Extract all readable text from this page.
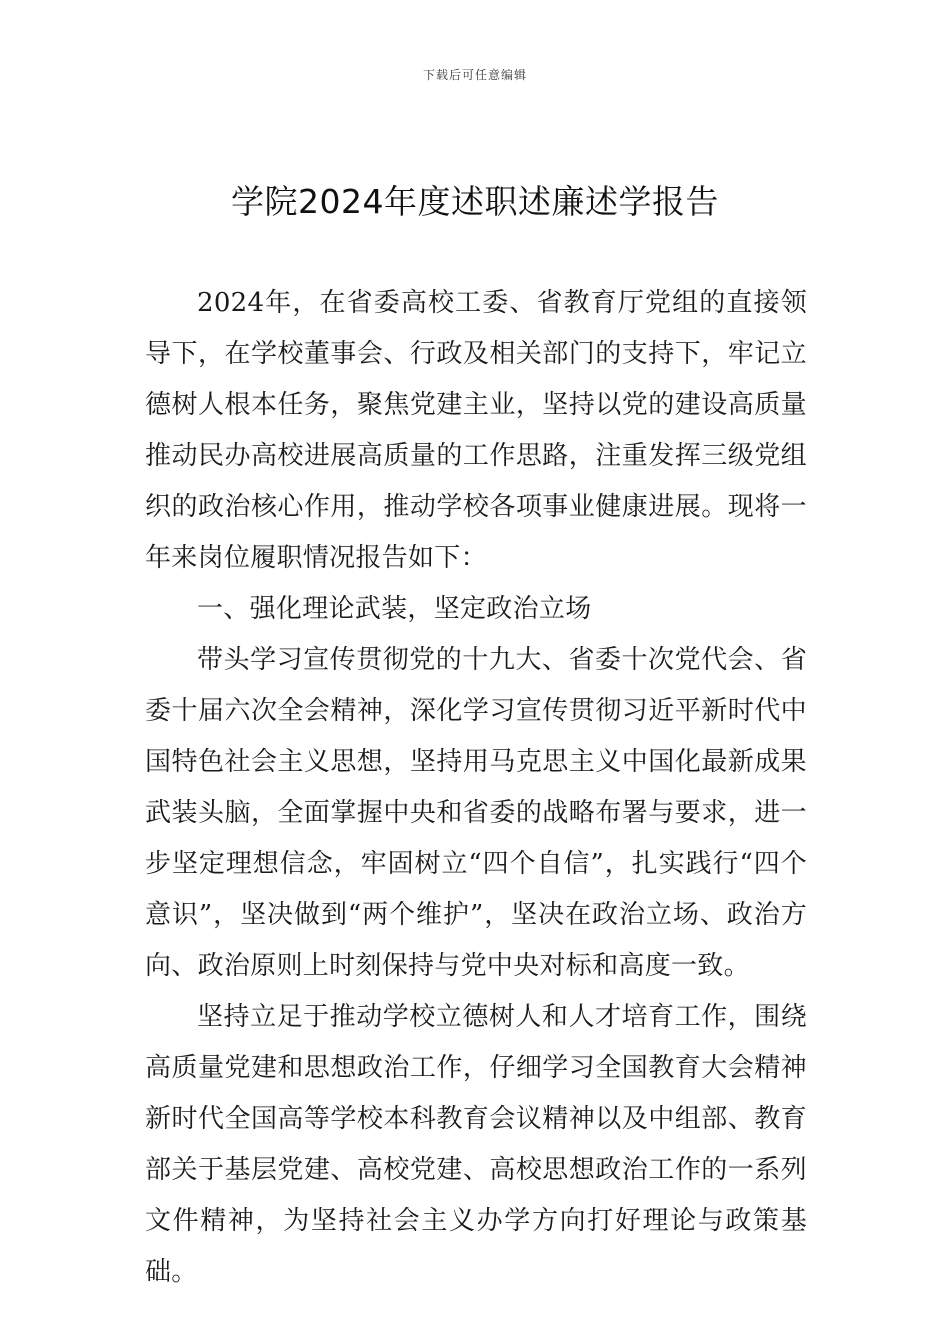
下载后可任意编辑
学院2024年度述职述廉述学报告

2024年，在省委高校工委、省教育厅党组的直接领导下，在学校董事会、行政及相关部门的支持下，牢记立德树人根本任务，聚焦党建主业，坚持以党的建设高质量推动民办高校进展高质量的工作思路，注重发挥三级党组织的政治核心作用，推动学校各项事业健康进展。现将一年来岗位履职情况报告如下：

一、强化理论武装，坚定政治立场

带头学习宣传贯彻党的十九大、省委十次党代会、省委十届六次全会精神，深化学习宣传贯彻习近平新时代中国特色社会主义思想，坚持用马克思主义中国化最新成果武装头脑，全面掌握中央和省委的战略布署与要求，进一步坚定理想信念，牢固树立“四个自信”，扎实践行“四个意识”，坚决做到“两个维护”，坚决在政治立场、政治方向、政治原则上时刻保持与党中央对标和高度一致。

坚持立足于推动学校立德树人和人才培育工作，围绕高质量党建和思想政治工作，仔细学习全国教育大会精神新时代全国高等学校本科教育会议精神以及中组部、教育部关于基层党建、高校党建、高校思想政治工作的一系列文件精神，为坚持社会主义办学方向打好理论与政策基础。
